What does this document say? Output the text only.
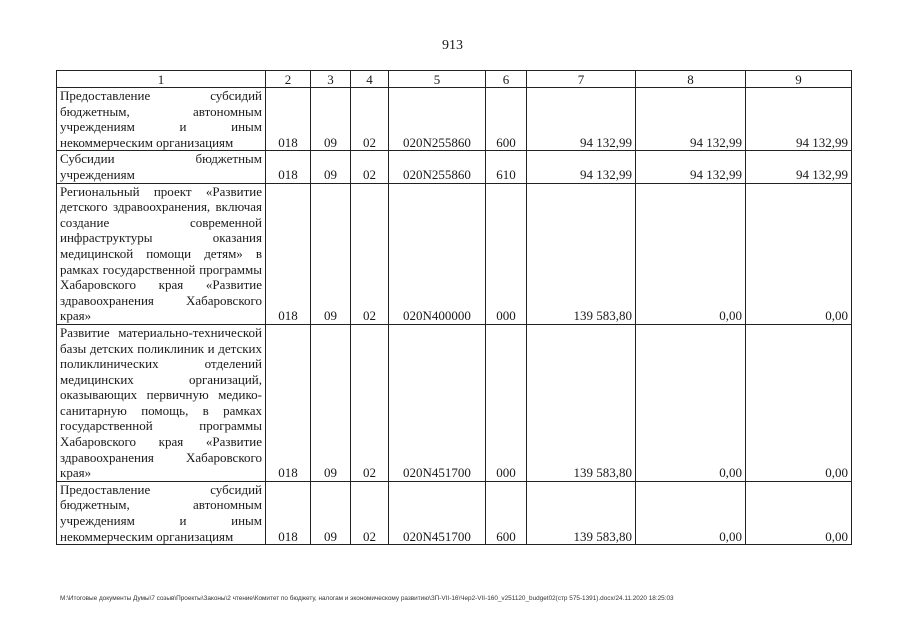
913
1	2	3	4	5	6	7	8	9
Предоставление субсидий бюджетным, автономным учреждениям и иным некоммерческим организациям	018	09	02	020N255860	600	94 132,99	94 132,99	94 132,99
Субсидии бюджетным учреждениям	018	09	02	020N255860	610	94 132,99	94 132,99	94 132,99
Региональный проект «Развитие детского здравоохранения, включая создание современной инфраструктуры оказания медицинской помощи детям» в рамках государственной программы Хабаровского края «Развитие здравоохранения Хабаровского края»	018	09	02	020N400000	000	139 583,80	0,00	0,00
Развитие материально-технической базы детских поликлиник и детских поликлинических отделений медицинских организаций, оказывающих первичную медико-санитарную помощь, в рамках государственной программы Хабаровского края «Развитие здравоохранения Хабаровского края»	018	09	02	020N451700	000	139 583,80	0,00	0,00
Предоставление субсидий бюджетным, автономным учреждениям и иным некоммерческим организациям	018	09	02	020N451700	600	139 583,80	0,00	0,00
M:\Итоговые документы Думы\7 созыв\Проекты\Законы\2 чтение\Комитет по бюджету, налогам и экономическому развитию\ЗП-VII-16\Чер2-VII-160_v251120_budget02(стр 575-1391).docx/24.11.2020 18:25:03
